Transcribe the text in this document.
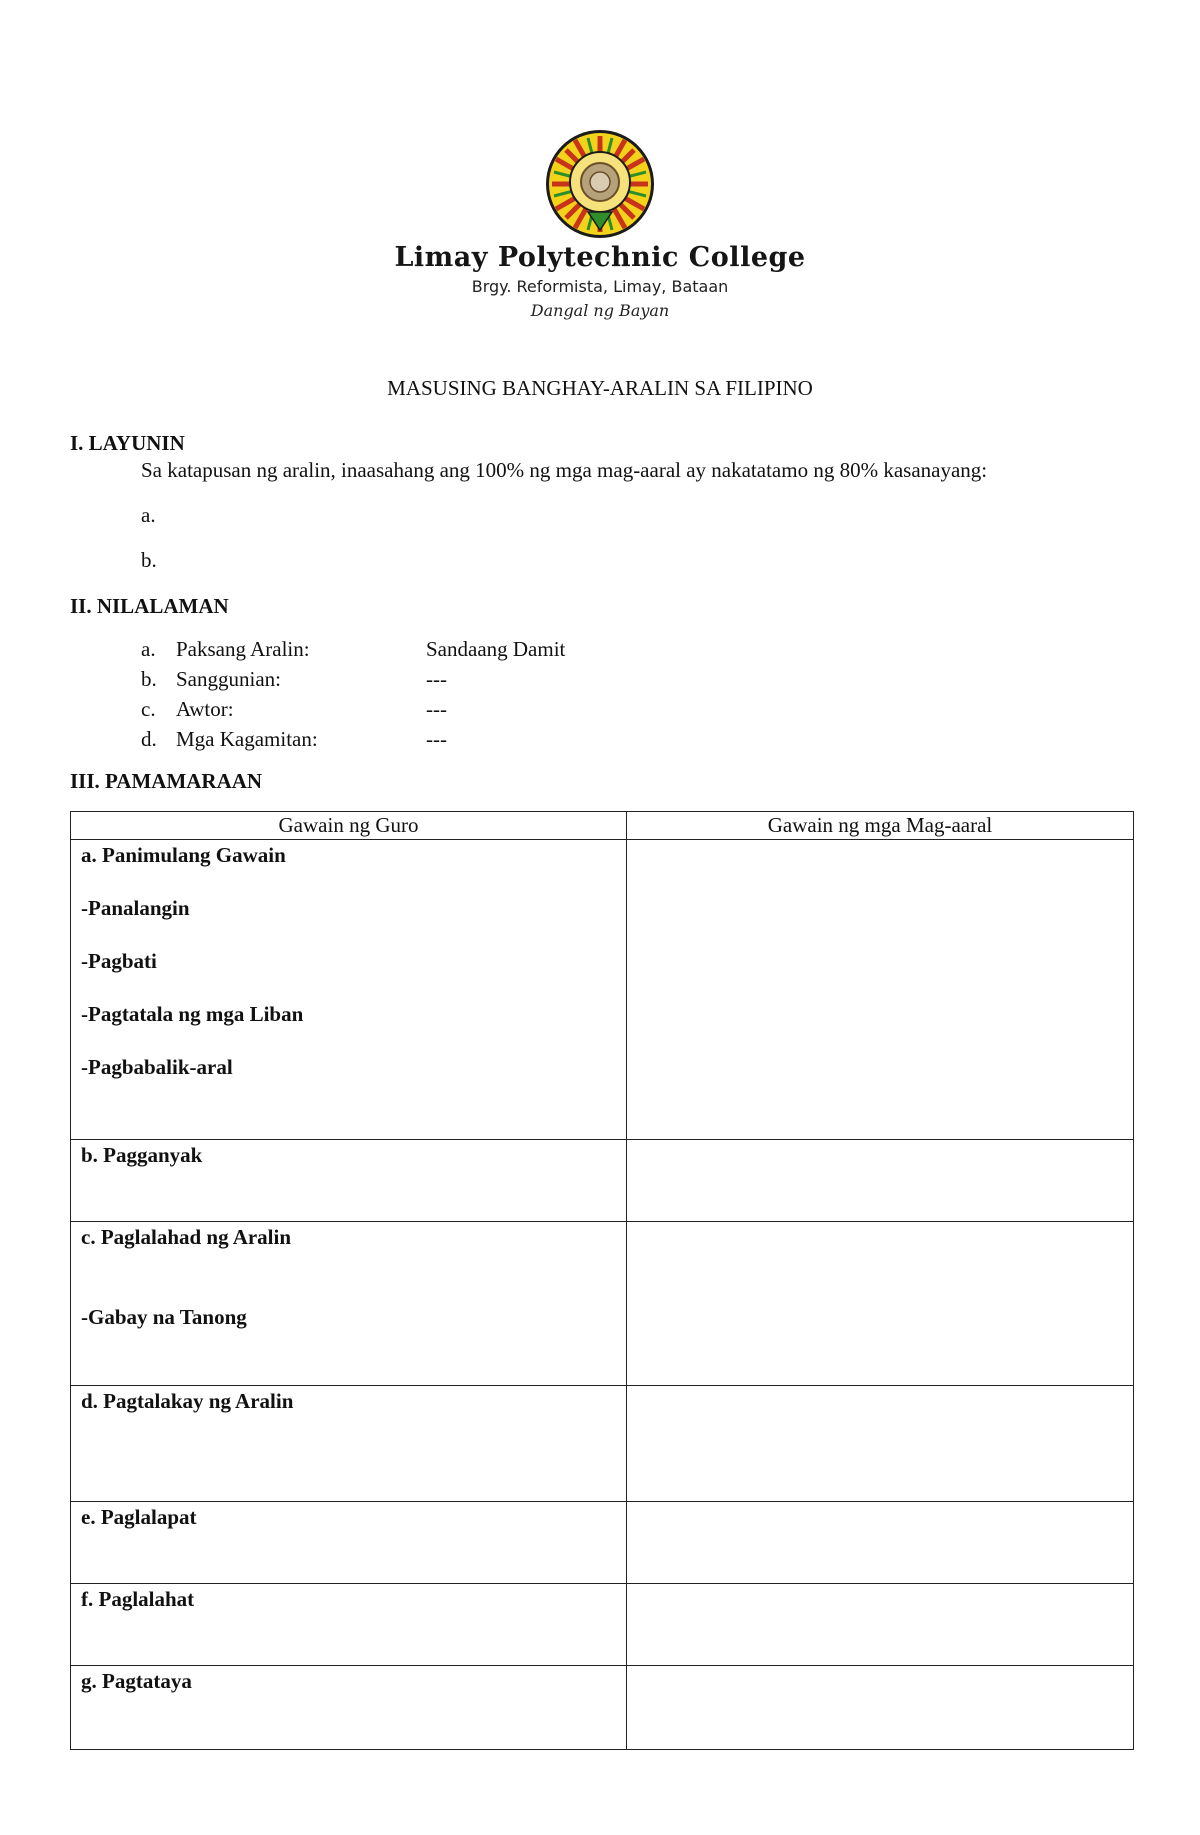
Limay Polytechnic College
Brgy. Reformista, Limay, Bataan
Dangal ng Bayan
MASUSING BANGHAY-ARALIN SA FILIPINO
I. LAYUNIN
Sa katapusan ng aralin, inaasahang ang 100% ng mga mag-aaral ay nakatatamo ng 80% kasanayang:
a.
b.
II. NILALAMAN
a. Paksang Aralin:	Sandaang Damit
b. Sanggunian:	---
c. Awtor:	---
d. Mga Kagamitan:	---
III. PAMAMARAAN
Gawain ng Guro	Gawain ng mga Mag-aaral

a. Panimulang Gawain
-Panalangin
-Pagbati
-Pagtatala ng mga Liban
-Pagbabalik-aral	

b. Pagganyak	

c. Paglalahad ng Aralin
-Gabay na Tanong	

d. Pagtalakay ng Aralin	

e. Paglalapat	

f. Paglalahat	

g. Pagtataya	
